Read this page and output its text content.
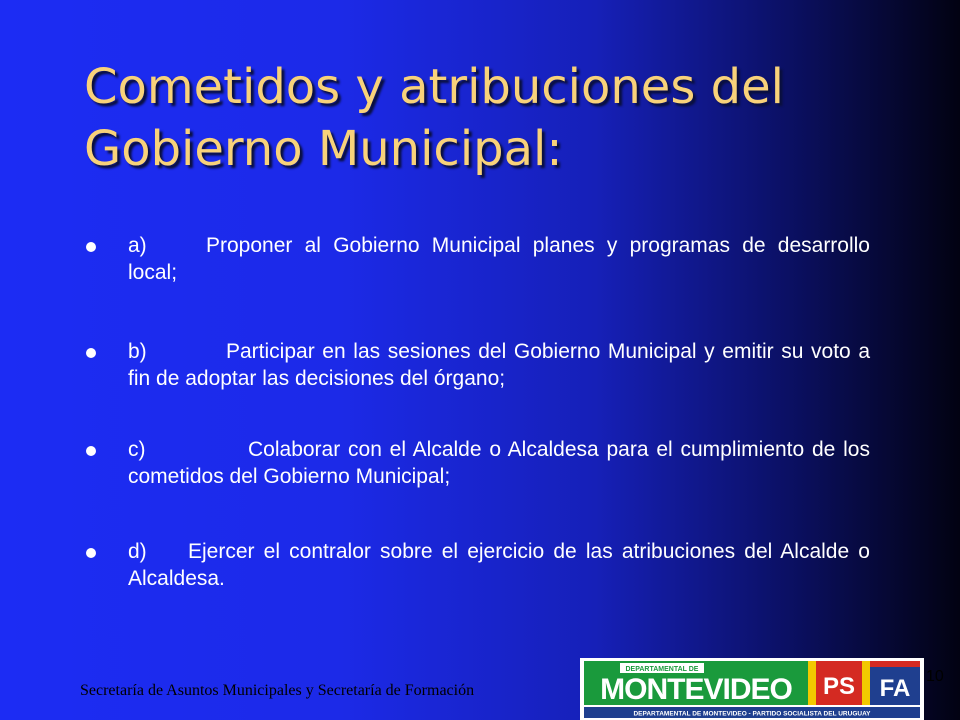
Cometidos y atribuciones del
Gobierno Municipal:
a)	Proponer al Gobierno Municipal planes y programas de desarrollo local;
b)	Participar en las sesiones del Gobierno Municipal y emitir su voto a fin de adoptar las decisiones del órgano;
c)	Colaborar con el Alcalde o Alcaldesa para el cumplimiento de los cometidos del Gobierno Municipal;
d) Ejercer el contralor sobre el ejercicio de las atribuciones del Alcalde o Alcaldesa.
Secretaría de Asuntos Municipales y Secretaría de Formación
10
DEPARTAMENTAL DE
MONTEVIDEO PS FA
DEPARTAMENTAL DE MONTEVIDEO - PARTIDO SOCIALISTA DEL URUGUAY
